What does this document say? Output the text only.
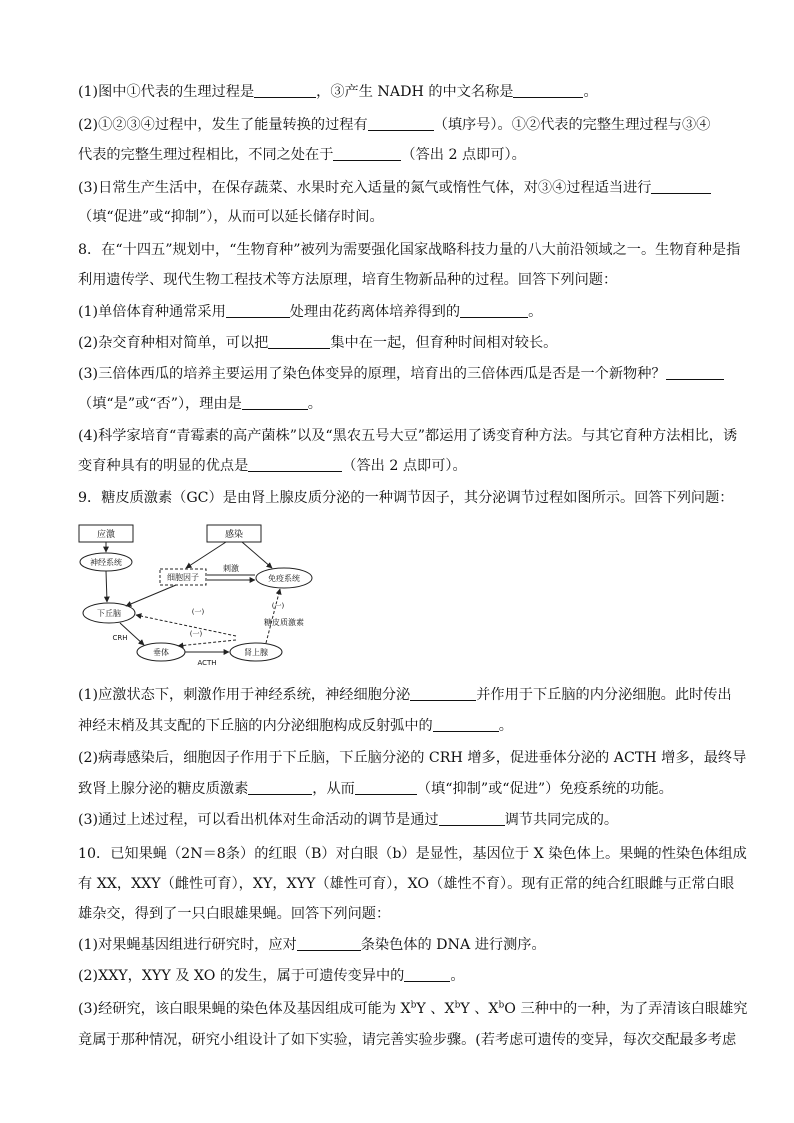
(1)图中①代表的生理过程是	，③产生 NADH 的中文名称是	。
(2)①②③④过程中，发生了能量转换的过程有	（填序号）。①②代表的完整生理过程与③④
代表的完整生理过程相比，不同之处在于	（答出 2 点即可）。
(3)日常生产生活中，在保存蔬菜、水果时充入适量的氮气或惰性气体，对③④过程适当进行
（填“促进”或“抑制”），从而可以延长储存时间。
8．在“十四五”规划中，“生物育种”被列为需要强化国家战略科技力量的八大前沿领域之一。生物育种是指
利用遗传学、现代生物工程技术等方法原理，培育生物新品种的过程。回答下列问题：
(1)单倍体育种通常采用	处理由花药离体培养得到的	。
(2)杂交育种相对简单，可以把	集中在一起，但育种时间相对较长。
(3)三倍体西瓜的培养主要运用了染色体变异的原理，培育出的三倍体西瓜是否是一个新物种？
（填“是”或“否”），理由是	。
(4)科学家培育“青霉素的高产菌株”以及“黑农五号大豆”都运用了诱变育种方法。与其它育种方法相比，诱
变育种具有的明显的优点是	（答出 2 点即可）。
9．糖皮质激素（GC）是由肾上腺皮质分泌的一种调节因子，其分泌调节过程如图所示。回答下列问题：
应激	感染
神经系统
细胞因子
刺激
免疫系统
下丘脑	(一)
(一)
(一)
糖皮质激素
CRH
垂体
ACTH
肾上腺
(1)应激状态下，刺激作用于神经系统，神经细胞分泌	并作用于下丘脑的内分泌细胞。此时传出
神经末梢及其支配的下丘脑的内分泌细胞构成反射弧中的	。
(2)病毒感染后，细胞因子作用于下丘脑，下丘脑分泌的 CRH 增多，促进垂体分泌的 ACTH 增多，最终导
致肾上腺分泌的糖皮质激素	，从而	（填“抑制”或“促进”）免疫系统的功能。
(3)通过上述过程，可以看出机体对生命活动的调节是通过	调节共同完成的。
10．已知果蝇（2N＝8条）的红眼（B）对白眼（b）是显性，基因位于 X 染色体上。果蝇的性染色体组成
有 XX，XXY（雌性可育），XY，XYY（雄性可育），XO（雄性不育）。现有正常的纯合红眼雌与正常白眼
雄杂交，得到了一只白眼雄果蝇。回答下列问题：
(1)对果蝇基因组进行研究时，应对	条染色体的 DNA 进行测序。
(2)XXY，XYY 及 XO 的发生，属于可遗传变异中的	。
(3)经研究，该白眼果蝇的染色体及基因组成可能为 $X^bY$ 、$X^bY$ 、$X^bO$ 三种中的一种，为了弄清该白眼雄究
竟属于那种情况，研究小组设计了如下实验，请完善实验步骤。(若考虑可遗传的变异，每次交配最多考虑
